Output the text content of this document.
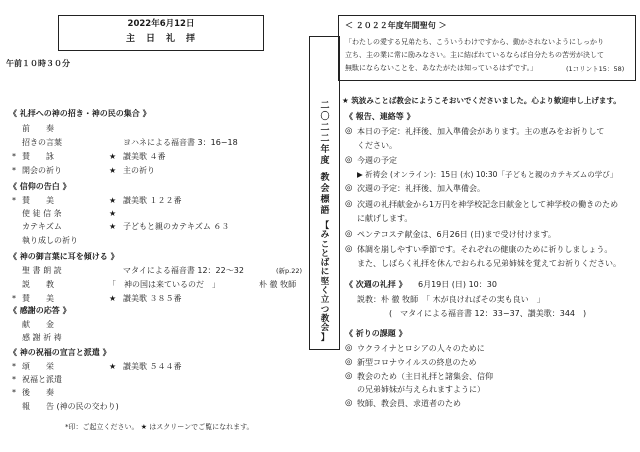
2022年6月12日
主　日　礼　拝
午前１０時３０分
《 礼拝への神の招き・神の民の集合 》
前　　奏
招きの言葉	ヨハネによる福音書 3：16−18
* 賛　　詠	★ 讃美歌 ４番
* 開会の祈り	★ 主の祈り
《 信仰の告白 》
* 賛　　美	★ 讃美歌 １２２番
使 徒 信 条	★
カテキズム	★ 子どもと親のカテキズム ６３
執り成しの祈り
《 神の御言葉に耳を傾ける 》
聖 書 朗 読	マタイによる福音書 12：22〜32	(新p.22)
説　　教	「　神の国は来ているのだ　」	朴 徹 牧師
* 賛　　美	★ 讃美歌 ３８５番
《 感謝の応答 》
献　　金
感 謝 祈 祷
《 神の祝福の宣言と派遣 》
* 頌　　栄	★ 讃美歌 ５４４番
* 祝福と派遣
* 後　　奏
報　　告 (神の民の交わり)
*印：ご起立ください。 ★ はスクリーンでご覧になれます。
二
〇
二
二
年
度
教
会
標
語
【
み
こ
と
ば
に
堅
く
立
つ
教
会
】
＜ ２０２２年度年間聖句 ＞
「わたしの愛する兄弟たち、こういうわけですから、動かされないようにしっかり
立ち、主の業に常に励みなさい。主に結ばれているならば自分たちの苦労が決して
無駄にならないことを、あなたがたは知っているはずです。」	(1コリント15：58)
★ 筑波みことば教会にようこそおいでくださいました。心より歓迎申し上げます。
《 報告、連絡等 》
◎ 本日の予定：礼拝後、加入準備会があります。主の恵みをお祈りして
ください。
◎ 今週の予定
▶ 祈祷会 (オンライン)：15日 (水) 10:30「子どもと親のカテキズムの学び」
◎ 次週の予定：礼拝後、加入準備会。
◎ 次週の礼拝献金から1万円を神学校記念日献金として神学校の働きのため
に献げします。
◎ ペンテコステ献金は、6月26日 (日)まで受け付けます。
◎ 体調を崩しやすい季節です。それぞれの健康のために祈りしましょう。
また、しばらく礼拝を休んでおられる兄弟姉妹を覚えてお祈りください。
《 次週の礼拝 》 6月19日 (日) 10：30
説教：朴 徹 牧師　「 木が良ければその実も良い　」
(　マタイによる福音書 12：33−37、讃美歌：344　)
《 祈りの課題 》
◎ ウクライナとロシアの人々のために
◎ 新型コロナウイルスの終息のため
◎ 教会のため（主日礼拝と諸集会、信仰
の兄弟姉妹が与えられますように）
◎ 牧師、教会員、求道者のため
